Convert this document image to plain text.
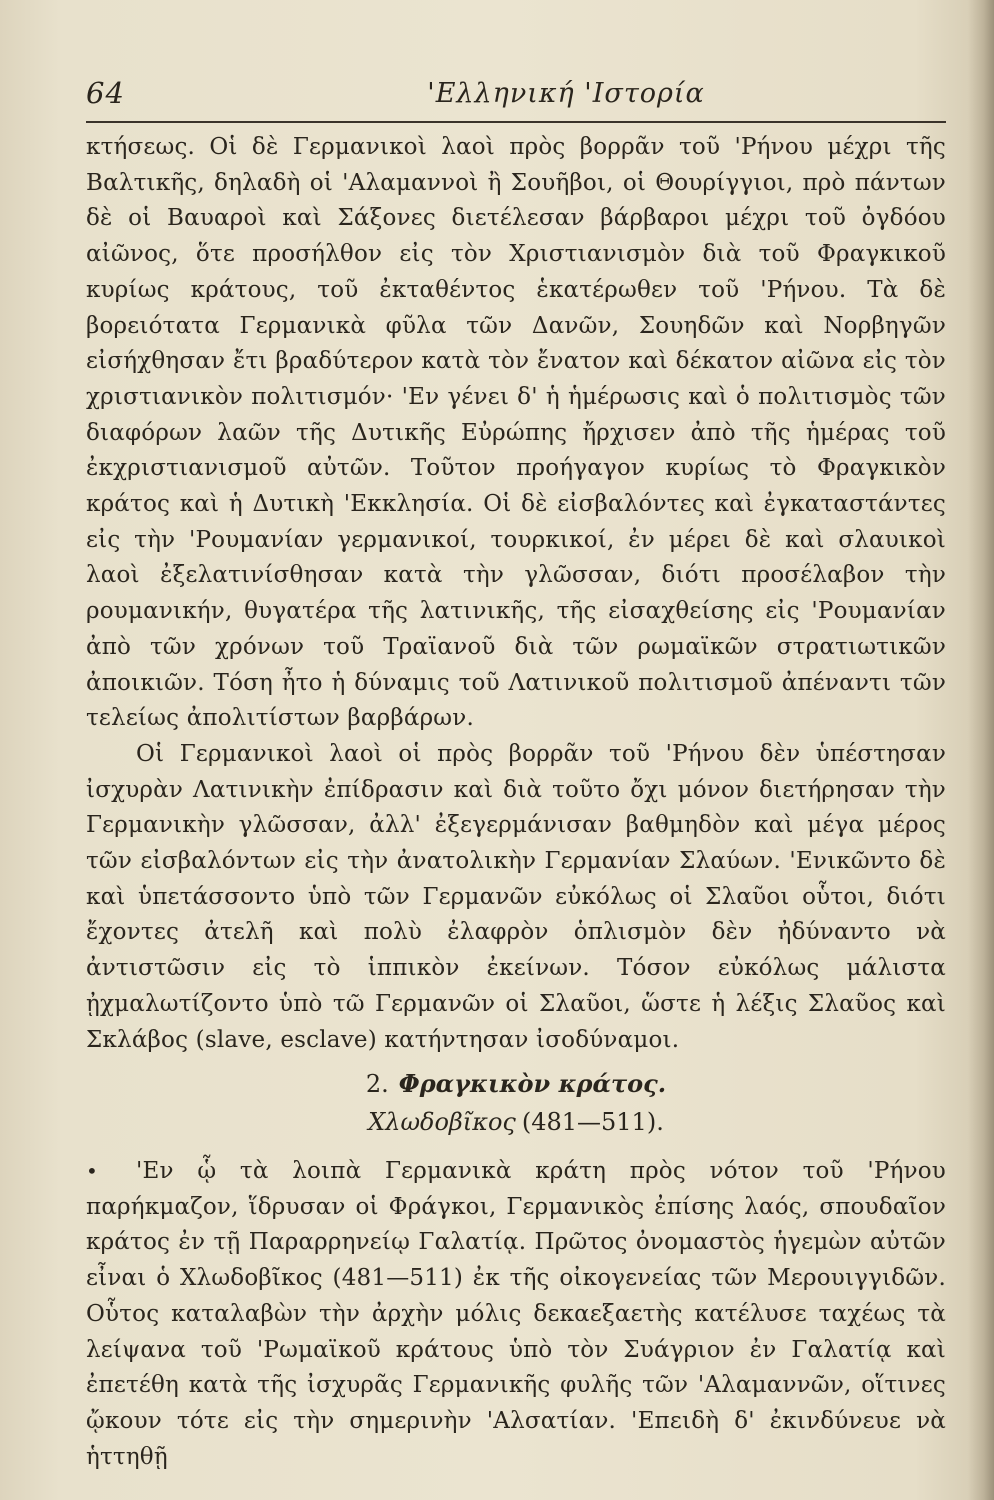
64	'Ελληνική 'Ιστορία

κτήσεως. Οἱ δὲ Γερμανικοὶ λαοὶ πρὸς βορρᾶν τοῦ 'Ρήνου μέχρι τῆς Βαλτικῆς, δηλαδὴ οἱ 'Αλαμαννοὶ ἢ Σουῆβοι, οἱ Θουρίγγιοι, πρὸ πάντων δὲ οἱ Βαυαροὶ καὶ Σάξονες διετέλεσαν βάρβαροι μέχρι τοῦ ὀγδόου αἰῶνος, ὅτε προσήλθον εἰς τὸν Χριστιανισμὸν διὰ τοῦ Φραγκικοῦ κυρίως κράτους, τοῦ ἐκταθέντος ἑκατέρωθεν τοῦ 'Ρήνου. Τὰ δὲ βορειότατα Γερμανικὰ φῦλα τῶν Δανῶν, Σουηδῶν καὶ Νορβηγῶν εἰσήχθησαν ἔτι βραδύτερον κατὰ τὸν ἔνατον καὶ δέκατον αἰῶνα εἰς τὸν χριστιανικὸν πολιτισμόν· 'Εν γένει δ' ἡ ἡμέρωσις καὶ ὁ πολιτισμὸς τῶν διαφόρων λαῶν τῆς Δυτικῆς Εὐρώπης ἤρχισεν ἀπὸ τῆς ἡμέρας τοῦ ἐκχριστιανισμοῦ αὐτῶν. Τοῦτον προήγαγον κυρίως τὸ Φραγκικὸν κράτος καὶ ἡ Δυτικὴ 'Εκκλησία. Οἱ δὲ εἰσβαλόντες καὶ ἐγκαταστάντες εἰς τὴν 'Ρουμανίαν γερμανικοί, τουρκικοί, ἐν μέρει δὲ καὶ σλαυικοὶ λαοὶ ἐξελατινίσθησαν κατὰ τὴν γλῶσσαν, διότι προσέλαβον τὴν ρουμανικήν, θυγατέρα τῆς λατινικῆς, τῆς εἰσαχθείσης εἰς 'Ρουμανίαν ἀπὸ τῶν χρόνων τοῦ Τραϊανοῦ διὰ τῶν ρωμαϊκῶν στρατιωτικῶν ἀποικιῶν. Τόση ἦτο ἡ δύναμις τοῦ Λατινικοῦ πολιτισμοῦ ἀπέναντι τῶν τελείως ἀπολιτίστων βαρβάρων.

Οἱ Γερμανικοὶ λαοὶ οἱ πρὸς βορρᾶν τοῦ 'Ρήνου δὲν ὑπέστησαν ἰσχυρὰν Λατινικὴν ἐπίδρασιν καὶ διὰ τοῦτο ὄχι μόνον διετήρησαν τὴν Γερμανικὴν γλῶσσαν, ἀλλ' ἐξεγερμάνισαν βαθμηδὸν καὶ μέγα μέρος τῶν εἰσβαλόντων εἰς τὴν ἀνατολικὴν Γερμανίαν Σλαύων. 'Ενικῶντο δὲ καὶ ὑπετάσσοντο ὑπὸ τῶν Γερμανῶν εὐκόλως οἱ Σλαῦοι οὗτοι, διότι ἔχοντες ἀτελῆ καὶ πολὺ ἐλαφρὸν ὁπλισμὸν δὲν ἠδύναντο νὰ ἀντιστῶσιν εἰς τὸ ἱππικὸν ἐκείνων. Τόσον εὐκόλως μάλιστα ᾐχμαλωτίζοντο ὑπὸ τῶ Γερμανῶν οἱ Σλαῦοι, ὥστε ἡ λέξις Σλαῦος καὶ Σκλάβος (slave, esclave) κατήντησαν ἰσοδύναμοι.

2. Φραγκικὸν κράτος.
Χλωδοβῖκος (481—511).

• 'Εν ᾧ τὰ λοιπὰ Γερμανικὰ κράτη πρὸς νότον τοῦ 'Ρήνου παρήκμαζον, ἵδρυσαν οἱ Φράγκοι, Γερμανικὸς ἐπίσης λαός, σπουδαῖον κράτος ἐν τῇ Παραρρηνείῳ Γαλατίᾳ. Πρῶτος ὀνομαστὸς ἡγεμὼν αὐτῶν εἶναι ὁ Χλωδοβῖκος (481—511) ἐκ τῆς οἰκογενείας τῶν Μερουιγγιδῶν. Οὗτος καταλαβὼν τὴν ἀρχὴν μόλις δεκαεξαετὴς κατέλυσε ταχέως τὰ λείψανα τοῦ 'Ρωμαϊκοῦ κράτους ὑπὸ τὸν Συάγριον ἐν Γαλατίᾳ καὶ ἐπετέθη κατὰ τῆς ἰσχυρᾶς Γερμανικῆς φυλῆς τῶν 'Αλαμαννῶν, οἵτινες ᾤκουν τότε εἰς τὴν σημερινὴν 'Αλσατίαν. 'Επειδὴ δ' ἐκινδύνευε νὰ ἡττηθῇ
